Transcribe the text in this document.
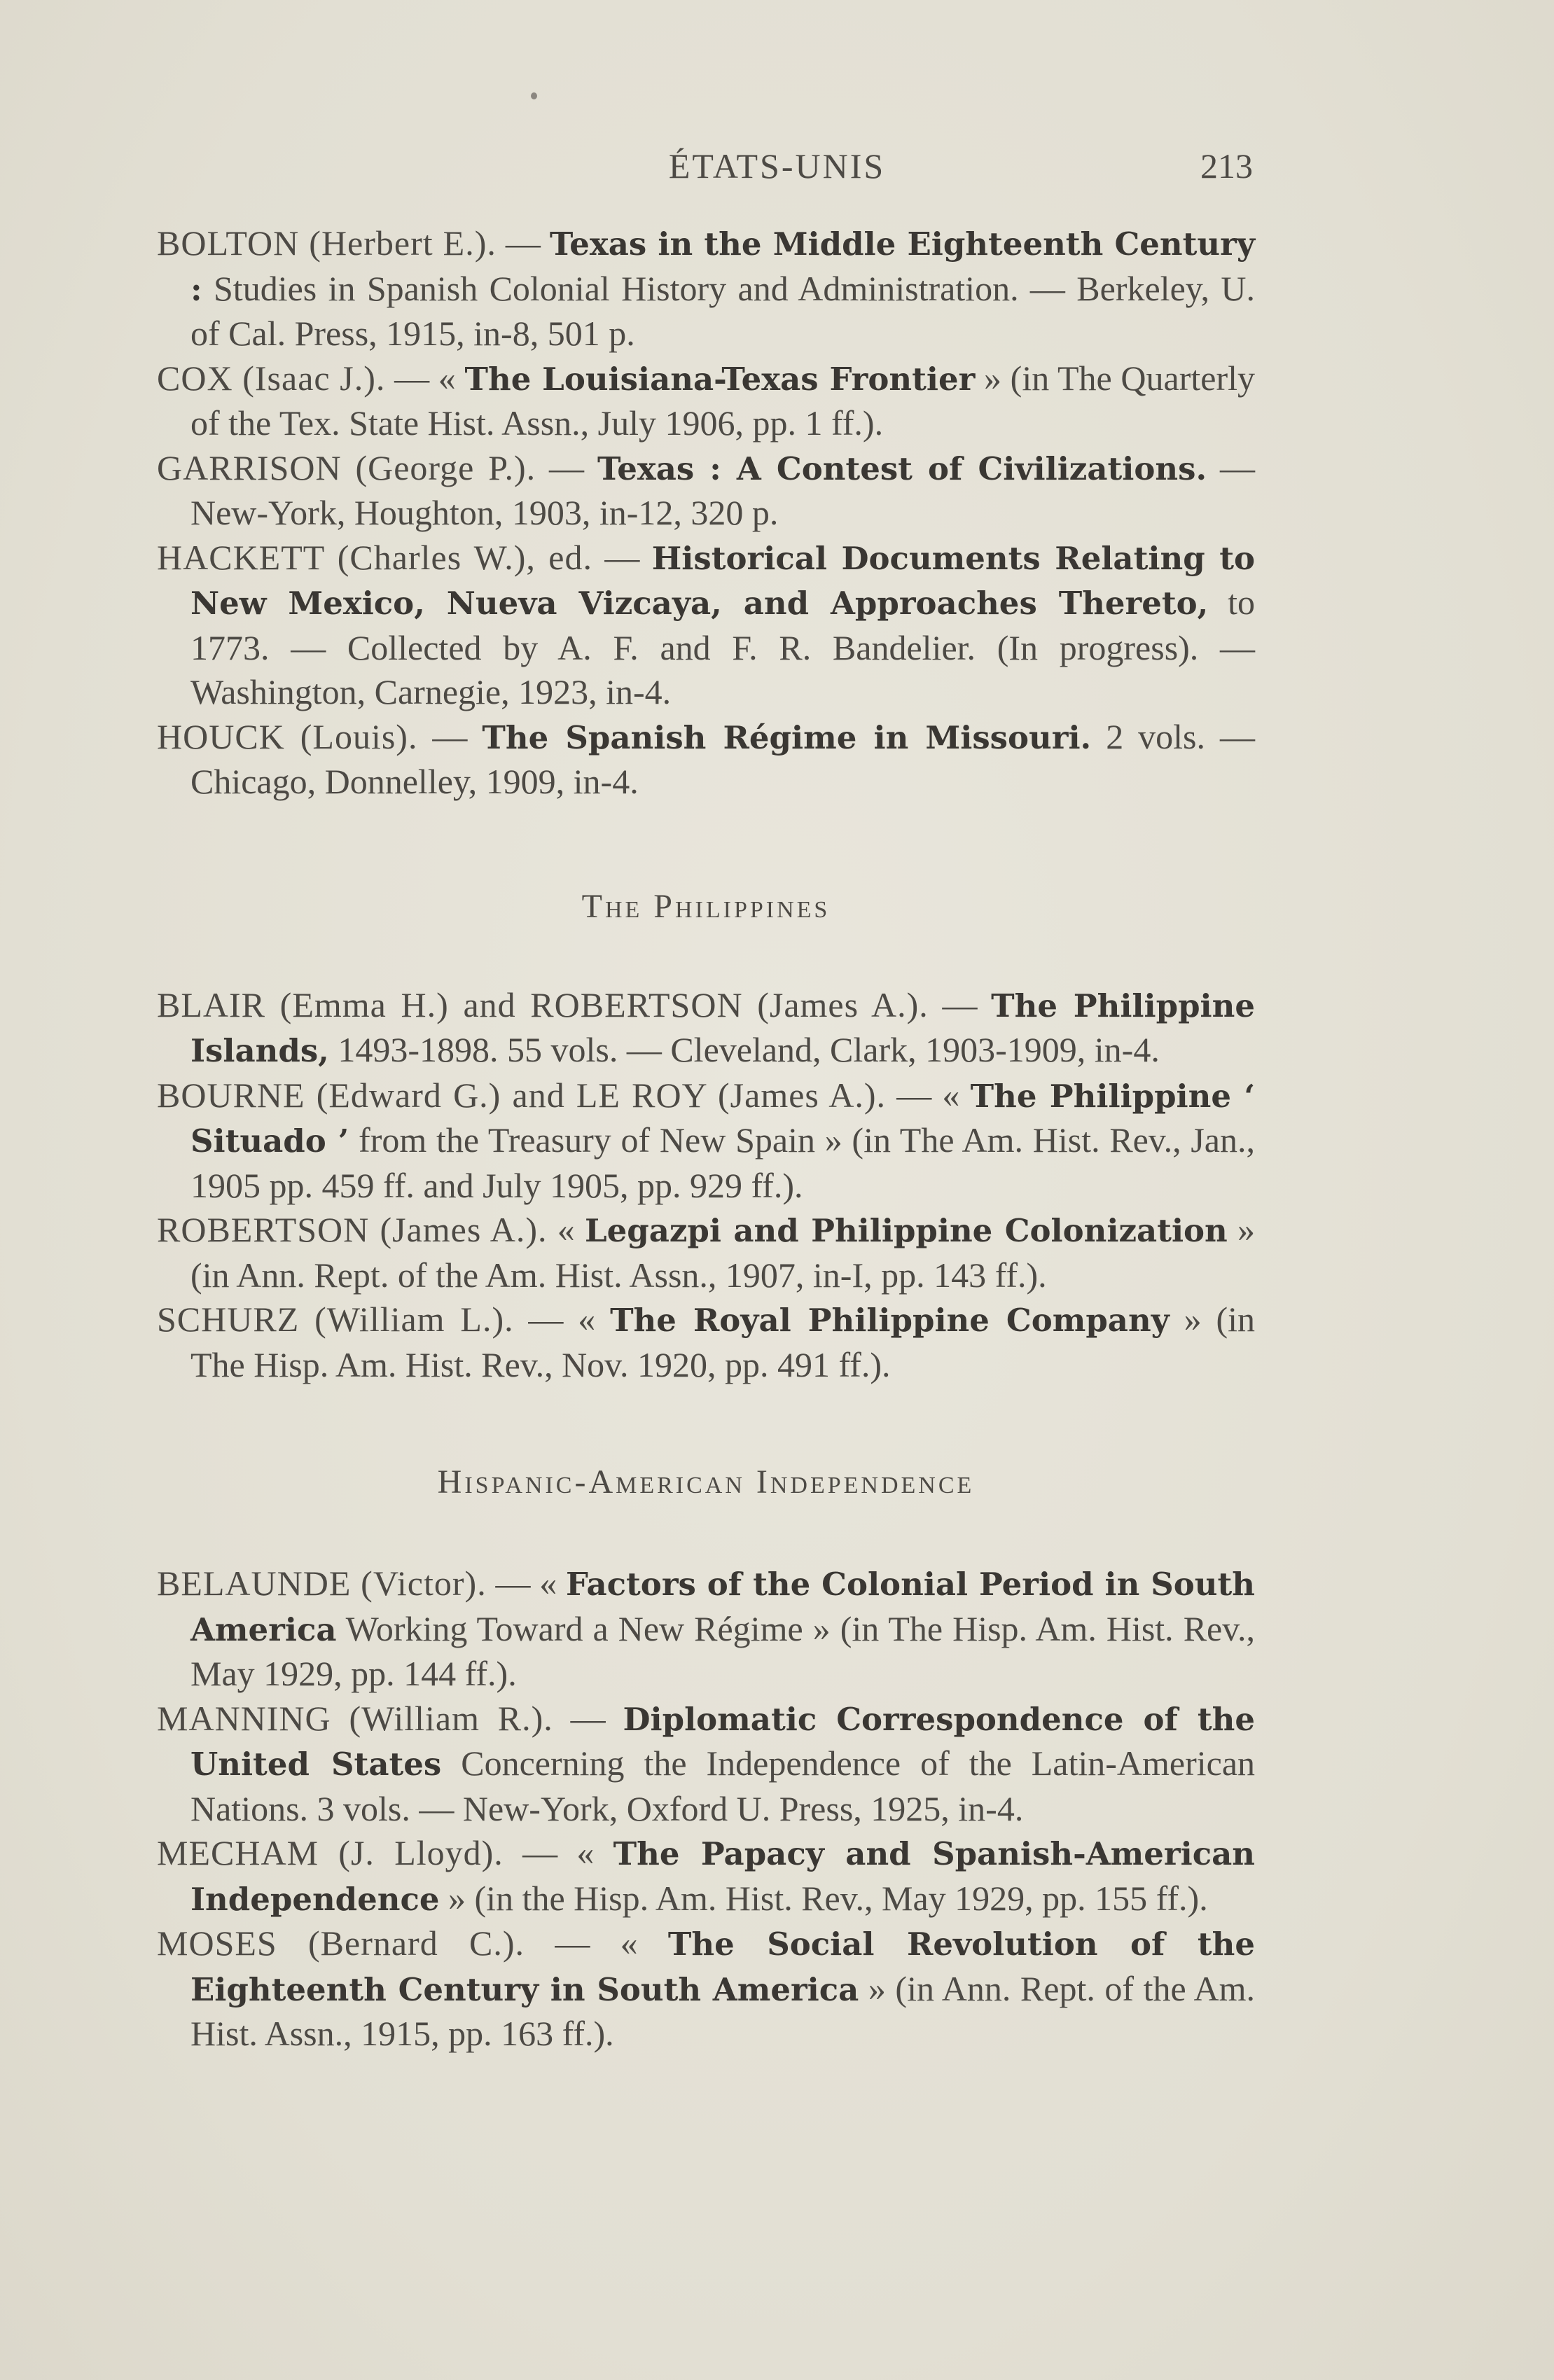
ÉTATS-UNIS	213

BOLTON (Herbert E.). — Texas in the Middle Eighteenth Century : Studies in Spanish Colonial History and Administration. — Berkeley, U. of Cal. Press, 1915, in-8, 501 p.

COX (Isaac J.). — « The Louisiana-Texas Frontier » (in The Quarterly of the Tex. State Hist. Assn., July 1906, pp. 1 ff.).

GARRISON (George P.). — Texas : A Contest of Civilizations. — New-York, Houghton, 1903, in-12, 320 p.

HACKETT (Charles W.), ed. — Historical Documents Relating to New Mexico, Nueva Vizcaya, and Approaches Thereto, to 1773. — Collected by A. F. and F. R. Bandelier. (In progress). — Washington, Carnegie, 1923, in-4.

HOUCK (Louis). — The Spanish Régime in Missouri. 2 vols. — Chicago, Donnelley, 1909, in-4.

The Philippines

BLAIR (Emma H.) and ROBERTSON (James A.). — The Philippine Islands, 1493-1898. 55 vols. — Cleveland, Clark, 1903-1909, in-4.

BOURNE (Edward G.) and LE ROY (James A.). — « The Philippine ‘ Situado ’ from the Treasury of New Spain » (in The Am. Hist. Rev., Jan., 1905 pp. 459 ff. and July 1905, pp. 929 ff.).

ROBERTSON (James A.). « Legazpi and Philippine Colonization » (in Ann. Rept. of the Am. Hist. Assn., 1907, in-I, pp. 143 ff.).

SCHURZ (William L.). — « The Royal Philippine Company » (in The Hisp. Am. Hist. Rev., Nov. 1920, pp. 491 ff.).

Hispanic-American Independence

BELAUNDE (Victor). — « Factors of the Colonial Period in South America Working Toward a New Régime » (in The Hisp. Am. Hist. Rev., May 1929, pp. 144 ff.).

MANNING (William R.). — Diplomatic Correspondence of the United States Concerning the Independence of the Latin-American Nations. 3 vols. — New-York, Oxford U. Press, 1925, in-4.

MECHAM (J. Lloyd). — « The Papacy and Spanish-American Independence » (in the Hisp. Am. Hist. Rev., May 1929, pp. 155 ff.).

MOSES (Bernard C.). — « The Social Revolution of the Eighteenth Century in South America » (in Ann. Rept. of the Am. Hist. Assn., 1915, pp. 163 ff.).
